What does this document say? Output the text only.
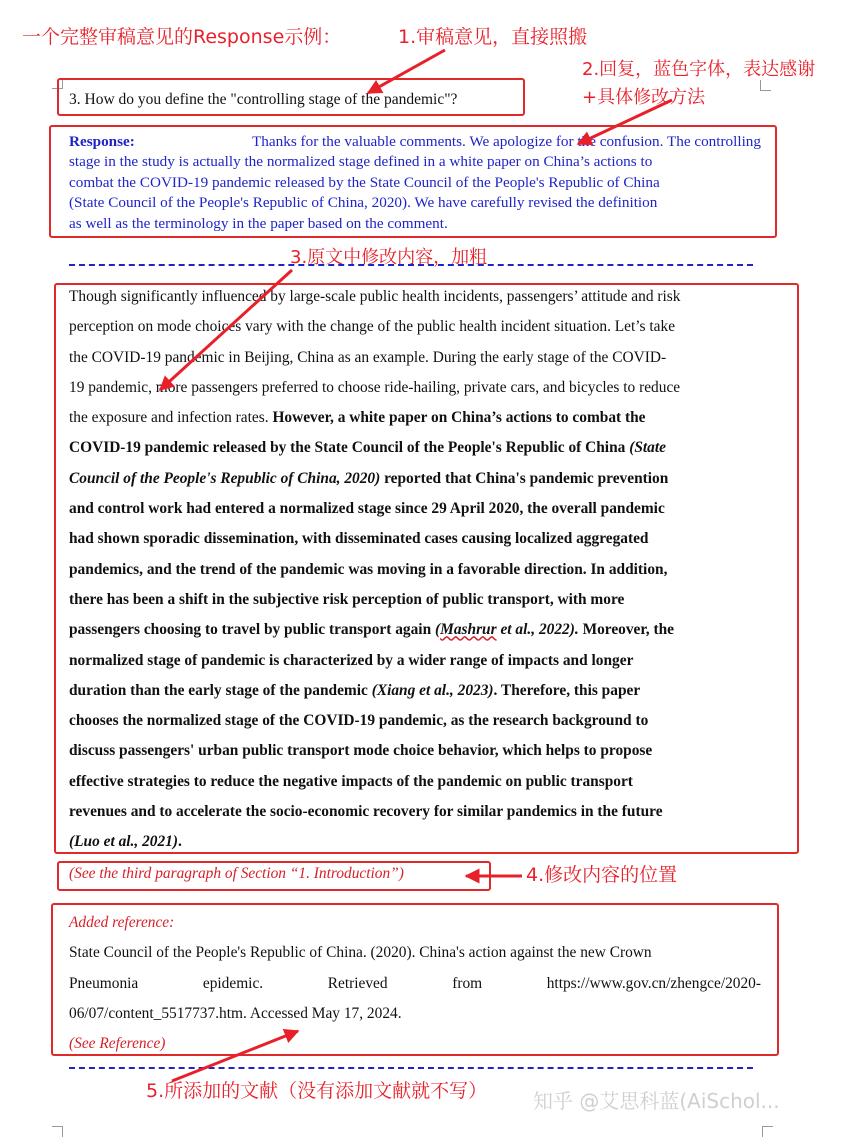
一个完整审稿意见的Response示例：	1.审稿意见，直接照搬
2.回复，蓝色字体，表达感谢
+具体修改方法
3.原文中修改内容，加粗
4.修改内容的位置
5.所添加的文献（没有添加文献就不写）
3. How do you define the "controlling stage of the pandemic"?
Response:
	Thanks for the valuable comments. We apologize for the confusion. The controlling
stage in the study is actually the normalized stage defined in a white paper on China’s actions to
combat the COVID-19 pandemic released by the State Council of the People's Republic of China
(State Council of the People's Republic of China, 2020). We have carefully revised the definition
as well as the terminology in the paper based on the comment.
Though significantly influenced by large-scale public health incidents, passengers’ attitude and risk
perception on mode choices vary with the change of the public health incident situation. Let’s take
the COVID-19 pandemic in Beijing, China as an example. During the early stage of the COVID-
19 pandemic, more passengers preferred to choose ride-hailing, private cars, and bicycles to reduce
the exposure and infection rates. However, a white paper on China’s actions to combat the
COVID-19 pandemic released by the State Council of the People's Republic of China (State
Council of the People's Republic of China, 2020) reported that China's pandemic prevention
and control work had entered a normalized stage since 29 April 2020, the overall pandemic
had shown sporadic dissemination, with disseminated cases causing localized aggregated
pandemics, and the trend of the pandemic was moving in a favorable direction. In addition,
there has been a shift in the subjective risk perception of public transport, with more
passengers choosing to travel by public transport again (Mashrur et al., 2022). Moreover, the
normalized stage of pandemic is characterized by a wider range of impacts and longer
duration than the early stage of the pandemic (Xiang et al., 2023). Therefore, this paper
chooses the normalized stage of the COVID-19 pandemic, as the research background to
discuss passengers' urban public transport mode choice behavior, which helps to propose
effective strategies to reduce the negative impacts of the pandemic on public transport
revenues and to accelerate the socio-economic recovery for similar pandemics in the future
(Luo et al., 2021).
(See the third paragraph of Section “1. Introduction”)
Added reference:
State Council of the People's Republic of China. (2020). China's action against the new Crown
Pneumonia	epidemic.	Retrieved	from	https://www.gov.cn/zhengce/2020-
06/07/content_5517737.htm. Accessed May 17, 2024.
(See Reference)
知乎 @艾思科蓝(AiSchol...
